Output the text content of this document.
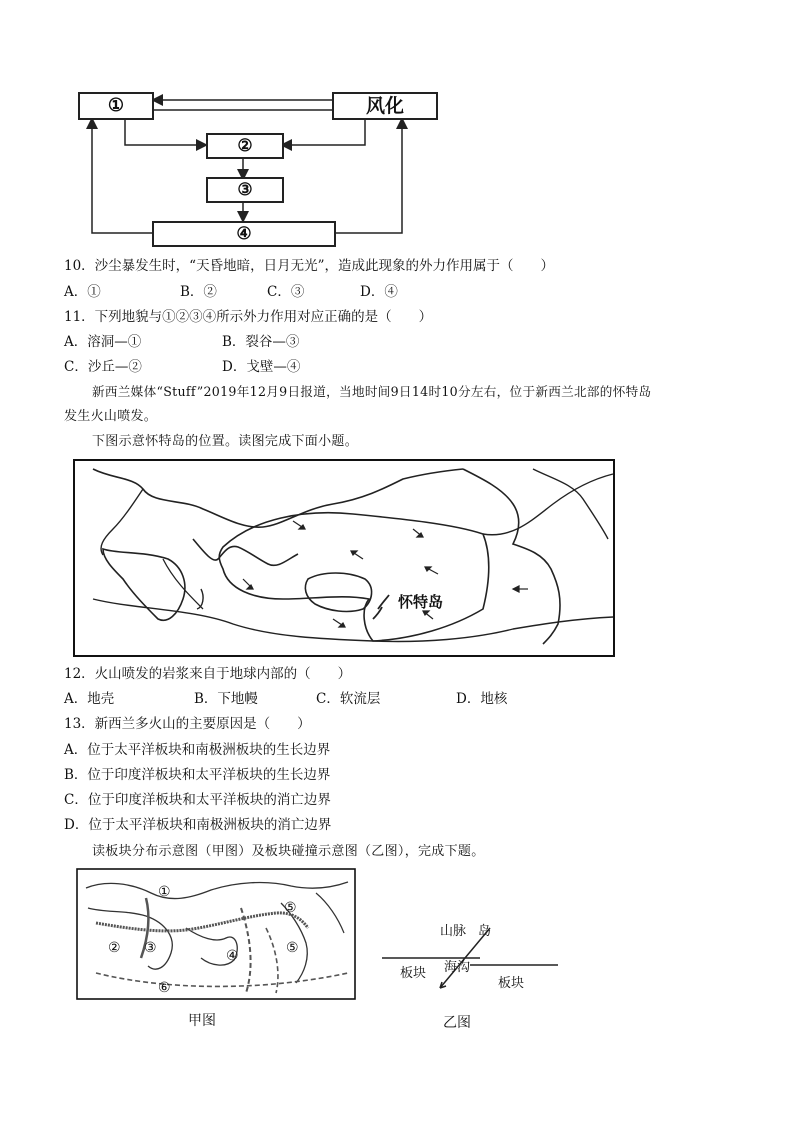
①	风化
②
③
④
10．沙尘暴发生时，“天昏地暗，日月无光”，造成此现象的外力作用属于（　　）
A．①	B．②	C．③	D．④
11．下列地貌与①②③④所示外力作用对应正确的是（　　）
A．溶洞—①	B．裂谷—③
C．沙丘—②	D．戈壁—④
新西兰媒体“Stuff”2019年12月9日报道，当地时间9日14时10分左右，位于新西兰北部的怀特岛
发生火山喷发。
下图示意怀特岛的位置。读图完成下面小题。
怀特岛
12．火山喷发的岩浆来自于地球内部的（　　）
A．地壳	B．下地幔	C．软流层	D．地核
13．新西兰多火山的主要原因是（　　）
A．位于太平洋板块和南极洲板块的生长边界
B．位于印度洋板块和太平洋板块的生长边界
C．位于印度洋板块和太平洋板块的消亡边界
D．位于太平洋板块和南极洲板块的消亡边界
读板块分布示意图（甲图）及板块碰撞示意图（乙图），完成下题。
①
② ③	④
⑤
⑤
⑥
甲图
山脉 岛
海沟
板块
板块
乙图
